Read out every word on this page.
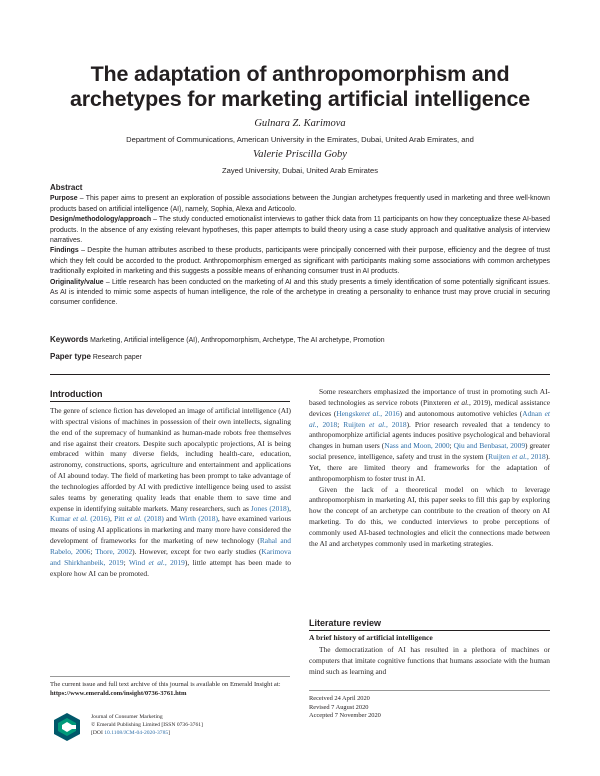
The adaptation of anthropomorphism and archetypes for marketing artificial intelligence
Gulnara Z. Karimova
Department of Communications, American University in the Emirates, Dubai, United Arab Emirates, and
Valerie Priscilla Goby
Zayed University, Dubai, United Arab Emirates

Abstract

Purpose – This paper aims to present an exploration of possible associations between the Jungian archetypes frequently used in marketing and three well-known products based on artificial intelligence (AI), namely, Sophia, Alexa and Articoolo.

Design/methodology/approach – The study conducted emotionalist interviews to gather thick data from 11 participants on how they conceptualize these AI-based products. In the absence of any existing relevant hypotheses, this paper attempts to build theory using a case study approach and qualitative analysis of interview narratives.

Findings – Despite the human attributes ascribed to these products, participants were principally concerned with their purpose, efficiency and the degree of trust which they felt could be accorded to the product. Anthropomorphism emerged as significant with participants making some associations with common archetypes traditionally exploited in marketing and this suggests a possible means of enhancing consumer trust in AI products.

Originality/value – Little research has been conducted on the marketing of AI and this study presents a timely identification of some potentially significant issues. As AI is intended to mimic some aspects of human intelligence, the role of the archetype in creating a personality to enhance trust may prove crucial in securing consumer confidence.

Keywords Marketing, Artificial intelligence (AI), Anthropomorphism, Archetype, The AI archetype, Promotion
Paper type Research paper
Introduction

The genre of science fiction has developed an image of artificial intelligence (AI) with spectral visions of machines in possession of their own intellects, signaling the end of the supremacy of humankind as human-made robots free themselves and rise against their creators. Despite such apocalyptic projections, AI is being embraced within many diverse fields, including health-care, education, astronomy, constructions, sports, agriculture and entertainment and applications of AI abound today. The field of marketing has been prompt to take advantage of the technologies afforded by AI with predictive intelligence being used to assist sales teams by generating quality leads that enable them to save time and expense in identifying suitable markets. Many researchers, such as Jones (2018), Kumar et al. (2016), Pitt et al. (2018) and Wirth (2018), have examined various means of using AI applications in marketing and many more have considered the development of frameworks for the marketing of new technology (Rahal and Rabelo, 2006; Thore, 2002). However, except for two early studies (Karimova and Shirkhanbeik, 2019; Wind et al., 2019), little attempt has been made to explore how AI can be promoted.

The current issue and full text archive of this journal is available on Emerald Insight at: https://www.emerald.com/insight/0736-3761.htm
Journal of Consumer Marketing
© Emerald Publishing Limited [ISSN 0736-3761]
[DOI 10.1108/JCM-04-2020-3785]

Some researchers emphasized the importance of trust in promoting such AI-based technologies as service robots (Pinxteren et al., 2019), medical assistance devices (Hengskeret al., 2016) and autonomous automotive vehicles (Adnan et al., 2018; Ruijten et al., 2018). Prior research revealed that a tendency to anthropomorphize artificial agents induces positive psychological and behavioral changes in human users (Nass and Moon, 2000; Qiu and Benbasat, 2009) greater social presence, intelligence, safety and trust in the system (Ruijten et al., 2018). Yet, there are limited theory and frameworks for the adaptation of anthropomorphism to foster trust in AI.

Given the lack of a theoretical model on which to leverage anthropomorphism in marketing AI, this paper seeks to fill this gap by exploring how the concept of an archetype can contribute to the creation of theory on AI marketing. To do this, we conducted interviews to probe perceptions of commonly used AI-based technologies and elicit the connections made between the AI and archetypes commonly used in marketing strategies.

Literature review
A brief history of artificial intelligence

The democratization of AI has resulted in a plethora of machines or computers that imitate cognitive functions that humans associate with the human mind such as learning and

Received 24 April 2020
Revised 7 August 2020
Accepted 7 November 2020
